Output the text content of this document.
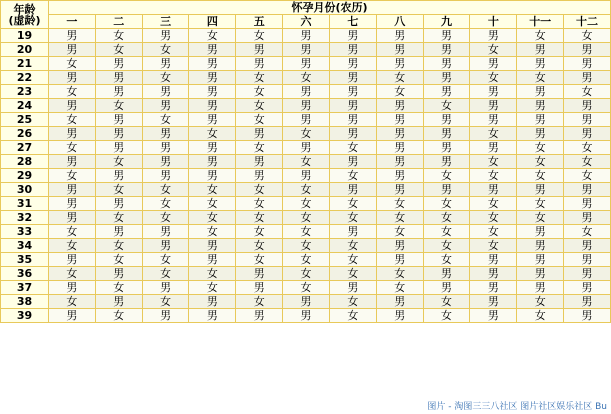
年龄
(虚龄)	怀孕月份(农历)											
	一	二	三	四	五	六	七	八	九	十	十一	十二
19	男	女	男	女	女	男	男	男	男	男	女	女
20	男	女	女	男	男	男	男	男	男	女	男	男
21	女	男	男	男	男	男	男	男	男	男	男	男
22	男	男	女	男	女	女	男	女	男	女	女	男
23	女	男	男	男	女	男	男	女	男	男	男	女
24	男	女	男	男	女	男	男	男	女	男	男	男
25	女	男	女	男	女	男	男	男	男	男	男	男
26	男	男	男	女	男	女	男	男	男	女	男	男
27	女	男	男	男	女	男	女	男	男	男	女	女
28	男	女	男	男	男	女	男	男	男	女	女	女
29	女	男	男	男	男	男	女	男	女	女	女	女
30	男	女	女	女	女	女	男	男	男	男	男	男
31	男	男	女	女	女	女	女	女	女	女	女	男
32	男	女	女	女	女	女	女	女	女	女	女	男
33	女	男	男	女	女	女	男	女	女	女	男	女
34	女	女	男	男	女	女	女	男	女	女	男	男
35	男	女	女	男	女	女	女	男	女	男	男	男
36	女	男	女	女	男	女	女	女	男	男	男	男
37	男	女	男	女	男	女	男	女	男	男	男	男
38	女	男	女	男	女	男	女	男	女	男	女	男
39	男	女	男	男	男	男	女	男	女	男	女	男
图片 - 淘图三三八社区 图片社区娱乐社区 Bu
